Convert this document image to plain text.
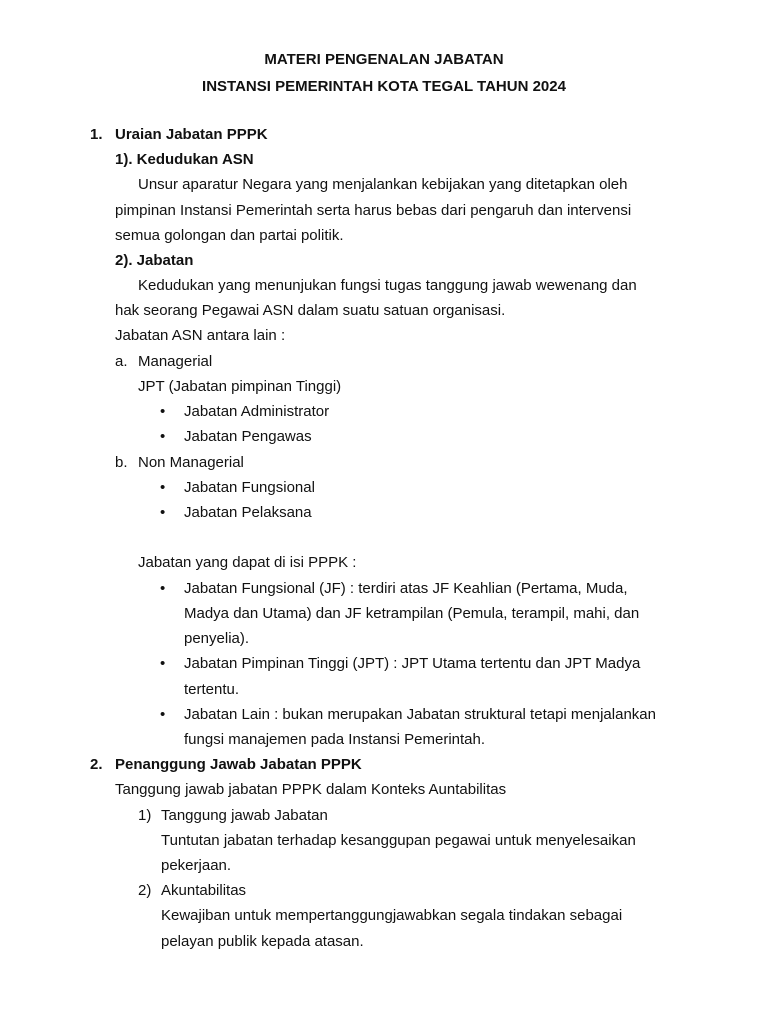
MATERI PENGENALAN JABATAN
INSTANSI PEMERINTAH KOTA TEGAL TAHUN 2024
1. Uraian Jabatan PPPK
1). Kedudukan ASN
Unsur aparatur Negara yang menjalankan kebijakan yang ditetapkan oleh
pimpinan Instansi Pemerintah serta harus bebas dari pengaruh dan intervensi
semua golongan dan partai politik.
2). Jabatan
Kedudukan yang menunjukan fungsi tugas tanggung jawab wewenang dan
hak seorang Pegawai ASN dalam suatu satuan organisasi.
Jabatan ASN antara lain :
a. Managerial
JPT (Jabatan pimpinan Tinggi)
• Jabatan Administrator
• Jabatan Pengawas
b. Non Managerial
• Jabatan Fungsional
• Jabatan Pelaksana
Jabatan yang dapat di isi PPPK :
• Jabatan Fungsional (JF) : terdiri atas JF Keahlian (Pertama, Muda,
Madya dan Utama) dan JF ketrampilan (Pemula, terampil, mahi, dan
penyelia).
• Jabatan Pimpinan Tinggi (JPT) : JPT Utama tertentu dan JPT Madya
tertentu.
• Jabatan Lain : bukan merupakan Jabatan struktural tetapi menjalankan
fungsi manajemen pada Instansi Pemerintah.
2. Penanggung Jawab Jabatan PPPK
Tanggung jawab jabatan PPPK dalam Konteks Auntabilitas
1) Tanggung jawab Jabatan
Tuntutan jabatan terhadap kesanggupan pegawai untuk menyelesaikan
pekerjaan.
2) Akuntabilitas
Kewajiban untuk mempertanggungjawabkan segala tindakan sebagai
pelayan publik kepada atasan.
